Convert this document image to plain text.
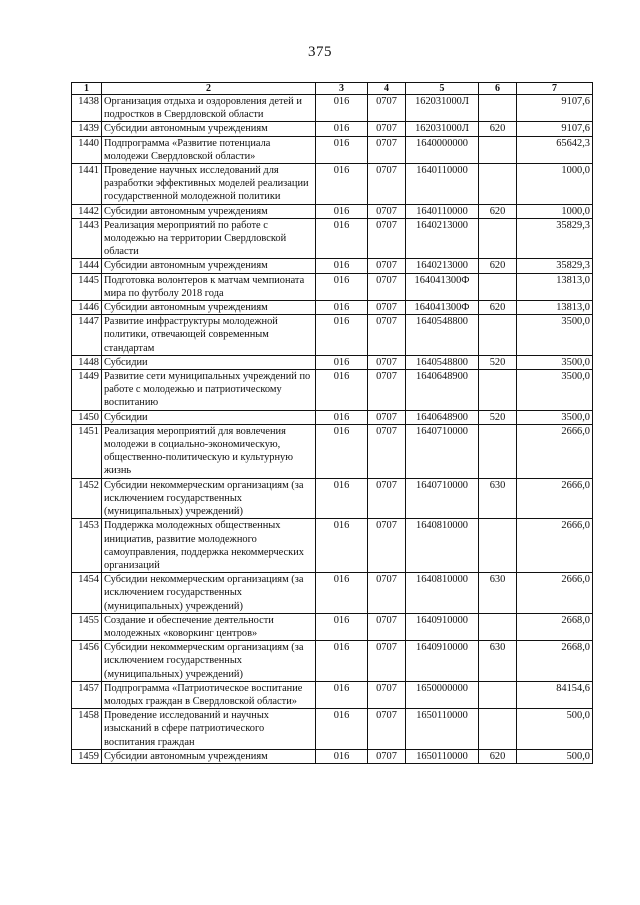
375
1	2	3	4	5	6	7
1438	Организация отдыха и оздоровления детей и подростков в Свердловской области	016	0707	162031000Л		9107,6
1439	Субсидии автономным учреждениям	016	0707	162031000Л	620	9107,6
1440	Подпрограмма «Развитие потенциала молодежи Свердловской области»	016	0707	1640000000		65642,3
1441	Проведение научных исследований для разработки эффективных моделей реализации государственной молодежной политики	016	0707	1640110000		1000,0
1442	Субсидии автономным учреждениям	016	0707	1640110000	620	1000,0
1443	Реализация мероприятий по работе с молодежью на территории Свердловской области	016	0707	1640213000		35829,3
1444	Субсидии автономным учреждениям	016	0707	1640213000	620	35829,3
1445	Подготовка волонтеров к матчам чемпионата мира по футболу 2018 года	016	0707	164041300Ф		13813,0
1446	Субсидии автономным учреждениям	016	0707	164041300Ф	620	13813,0
1447	Развитие инфраструктуры молодежной политики, отвечающей современным стандартам	016	0707	1640548800		3500,0
1448	Субсидии	016	0707	1640548800	520	3500,0
1449	Развитие сети муниципальных учреждений по работе с молодежью и патриотическому воспитанию	016	0707	1640648900		3500,0
1450	Субсидии	016	0707	1640648900	520	3500,0
1451	Реализация мероприятий для вовлечения молодежи в социально-экономическую, общественно-политическую и культурную жизнь	016	0707	1640710000		2666,0
1452	Субсидии некоммерческим организациям (за исключением государственных (муниципальных) учреждений)	016	0707	1640710000	630	2666,0
1453	Поддержка молодежных общественных инициатив, развитие молодежного самоуправления, поддержка некоммерческих организаций	016	0707	1640810000		2666,0
1454	Субсидии некоммерческим организациям (за исключением государственных (муниципальных) учреждений)	016	0707	1640810000	630	2666,0
1455	Создание и обеспечение деятельности молодежных «коворкинг центров»	016	0707	1640910000		2668,0
1456	Субсидии некоммерческим организациям (за исключением государственных (муниципальных) учреждений)	016	0707	1640910000	630	2668,0
1457	Подпрограмма «Патриотическое воспитание молодых граждан в Свердловской области»	016	0707	1650000000		84154,6
1458	Проведение исследований и научных изысканий в сфере патриотического воспитания граждан	016	0707	1650110000		500,0
1459	Субсидии автономным учреждениям	016	0707	1650110000	620	500,0
